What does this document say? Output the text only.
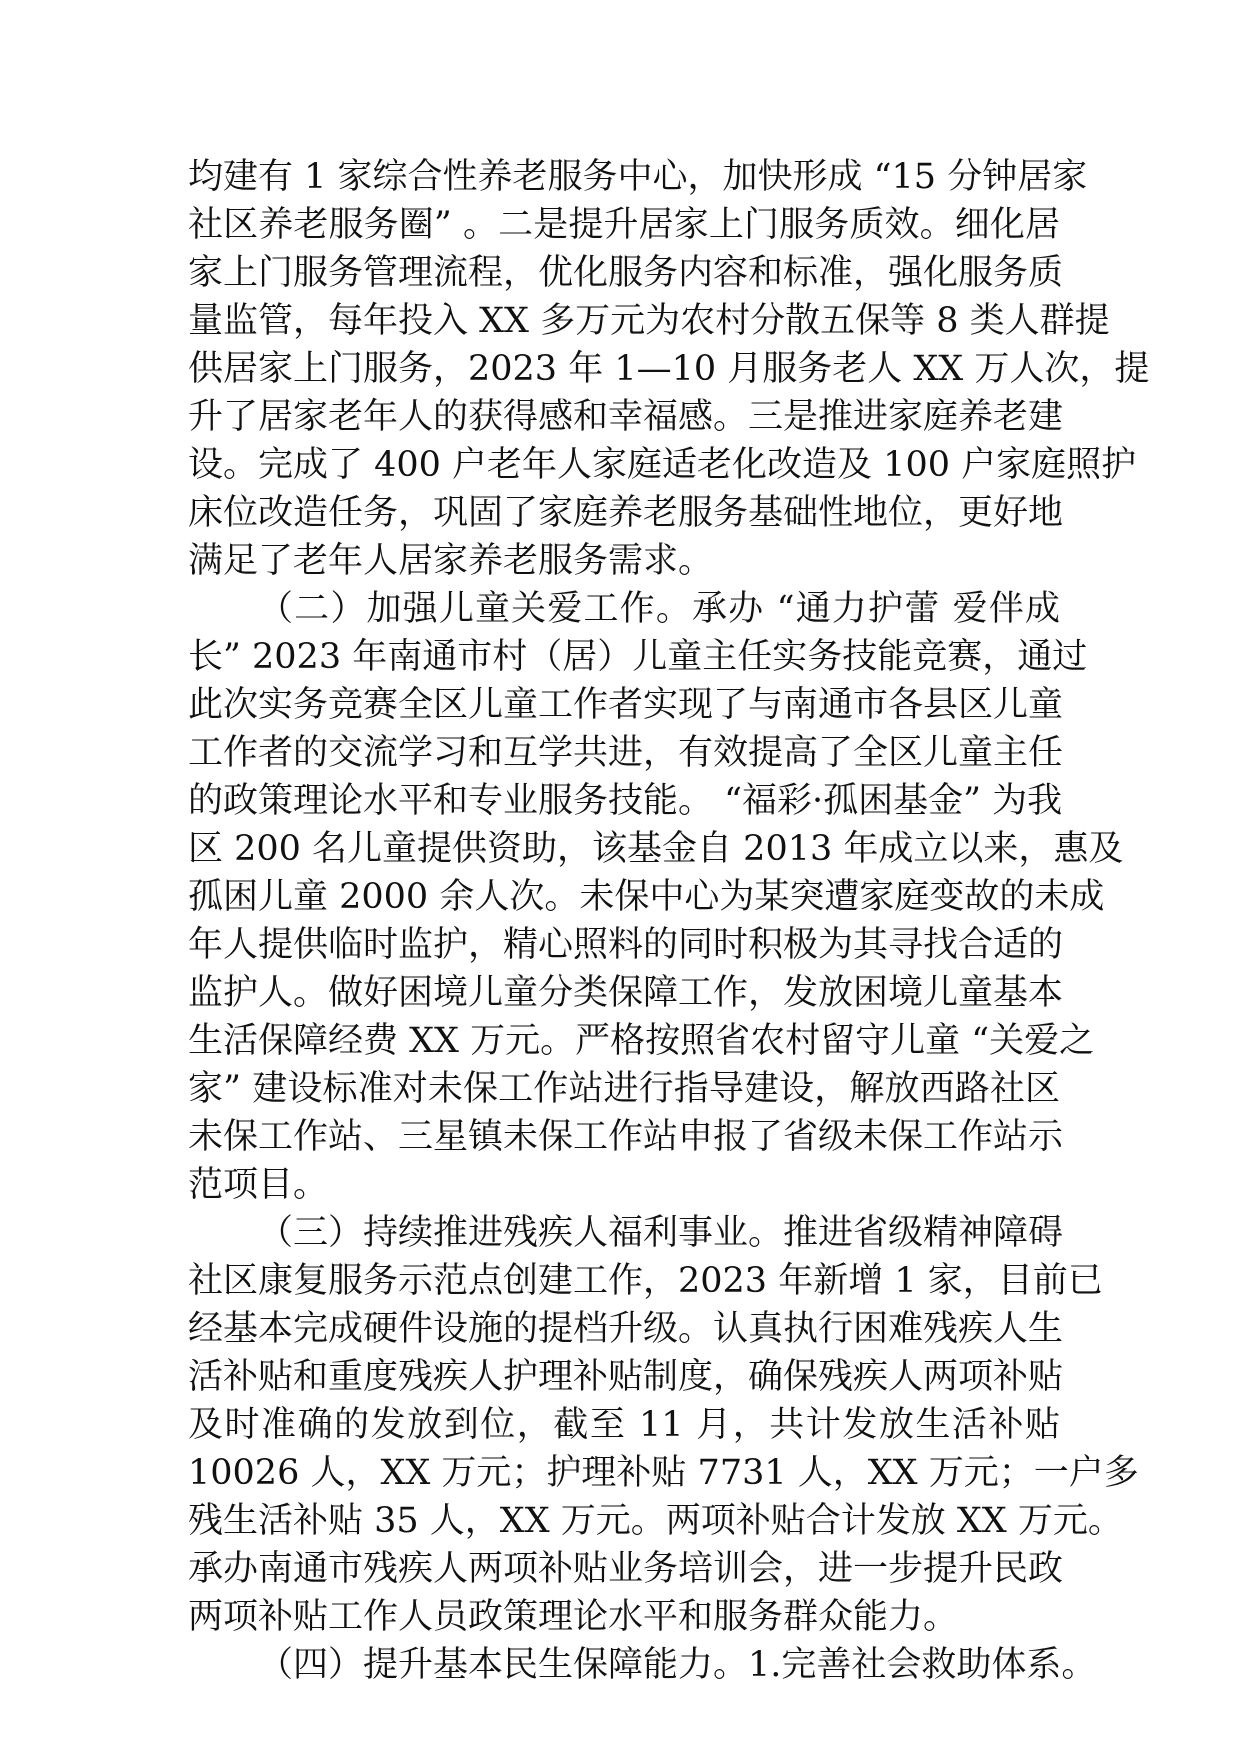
均建有 1 家综合性养老服务中心，加快形成 “15 分钟居家
社区养老服务圈” 。二是提升居家上门服务质效。细化居
家上门服务管理流程，优化服务内容和标准，强化服务质
量监管，每年投入 XX 多万元为农村分散五保等 8 类人群提
供居家上门服务，2023 年 1—10 月服务老人 XX 万人次，提
升了居家老年人的获得感和幸福感。三是推进家庭养老建
设。完成了 400 户老年人家庭适老化改造及 100 户家庭照护
床位改造任务，巩固了家庭养老服务基础性地位，更好地
满足了老年人居家养老服务需求。
（二）加强儿童关爱工作。承办 “通力护蕾 爱伴成
长” 2023 年南通市村（居）儿童主任实务技能竞赛，通过
此次实务竞赛全区儿童工作者实现了与南通市各县区儿童
工作者的交流学习和互学共进，有效提高了全区儿童主任
的政策理论水平和专业服务技能。 “福彩·孤困基金” 为我
区 200 名儿童提供资助，该基金自 2013 年成立以来，惠及
孤困儿童 2000 余人次。未保中心为某突遭家庭变故的未成
年人提供临时监护，精心照料的同时积极为其寻找合适的
监护人。做好困境儿童分类保障工作，发放困境儿童基本
生活保障经费 XX 万元。严格按照省农村留守儿童 “关爱之
家” 建设标准对未保工作站进行指导建设，解放西路社区
未保工作站、三星镇未保工作站申报了省级未保工作站示
范项目。
（三）持续推进残疾人福利事业。推进省级精神障碍
社区康复服务示范点创建工作，2023 年新增 1 家，目前已
经基本完成硬件设施的提档升级。认真执行困难残疾人生
活补贴和重度残疾人护理补贴制度，确保残疾人两项补贴
及时准确的发放到位，截至 11 月，共计发放生活补贴
10026 人，XX 万元；护理补贴 7731 人，XX 万元；一户多
残生活补贴 35 人，XX 万元。两项补贴合计发放 XX 万元。
承办南通市残疾人两项补贴业务培训会，进一步提升民政
两项补贴工作人员政策理论水平和服务群众能力。
（四）提升基本民生保障能力。1.完善社会救助体系。
